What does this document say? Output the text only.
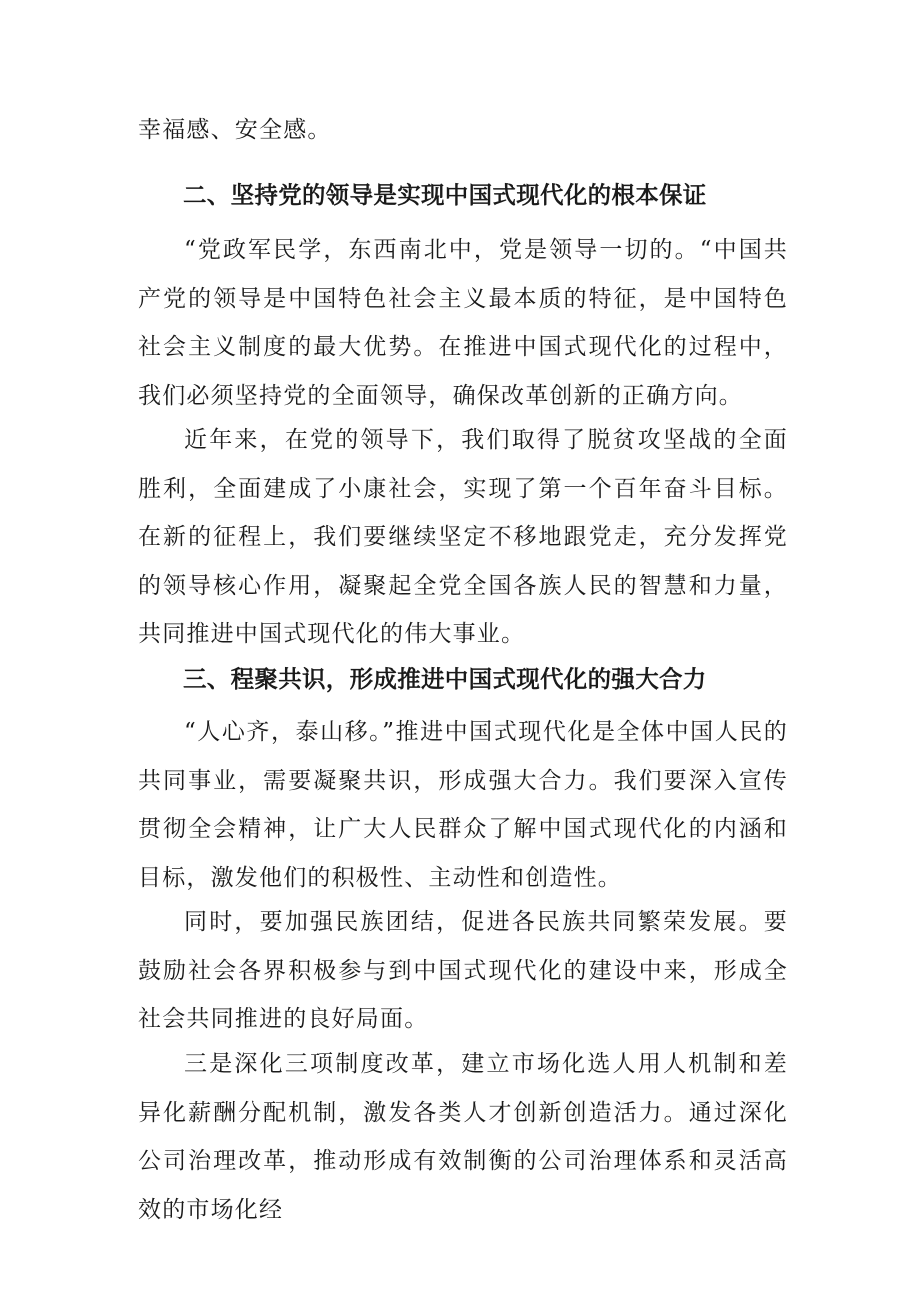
幸福感、安全感。

二、坚持党的领导是实现中国式现代化的根本保证

“党政军民学，东西南北中，党是领导一切的。“中国共产党的领导是中国特色社会主义最本质的特征，是中国特色社会主义制度的最大优势。在推进中国式现代化的过程中，我们必须坚持党的全面领导，确保改革创新的正确方向。

近年来，在党的领导下，我们取得了脱贫攻坚战的全面胜利，全面建成了小康社会，实现了第一个百年奋斗目标。在新的征程上，我们要继续坚定不移地跟党走，充分发挥党的领导核心作用，凝聚起全党全国各族人民的智慧和力量，共同推进中国式现代化的伟大事业。

三、程聚共识，形成推进中国式现代化的强大合力

“人心齐，泰山移。”推进中国式现代化是全体中国人民的共同事业，需要凝聚共识，形成强大合力。我们要深入宣传贯彻全会精神，让广大人民群众了解中国式现代化的内涵和目标，激发他们的积极性、主动性和创造性。

同时，要加强民族团结，促进各民族共同繁荣发展。要鼓励社会各界积极参与到中国式现代化的建设中来，形成全社会共同推进的良好局面。

三是深化三项制度改革，建立市场化选人用人机制和差异化薪酬分配机制，激发各类人才创新创造活力。通过深化公司治理改革，推动形成有效制衡的公司治理体系和灵活高效的市场化经
